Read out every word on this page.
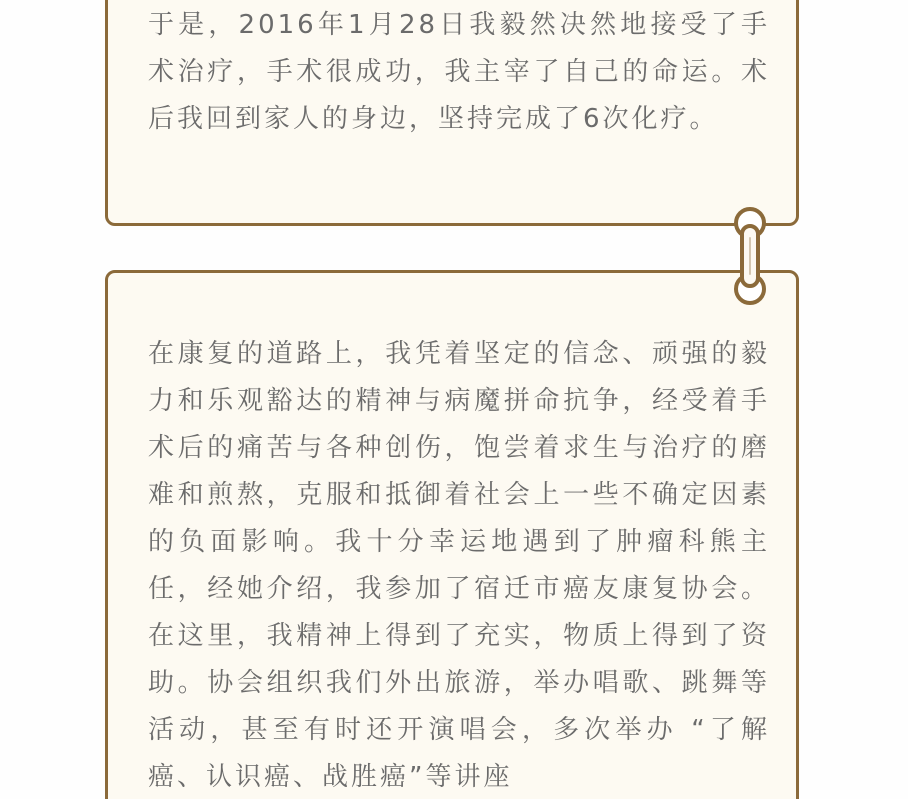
于是，2016年1月28日我毅然决然地接受了手术治疗，手术很成功，我主宰了自己的命运。术后我回到家人的身边，坚持完成了6次化疗。

在康复的道路上，我凭着坚定的信念、顽强的毅力和乐观豁达的精神与病魔拼命抗争，经受着手术后的痛苦与各种创伤，饱尝着求生与治疗的磨难和煎熬，克服和抵御着社会上一些不确定因素的负面影响。我十分幸运地遇到了肿瘤科熊主任，经她介绍，我参加了宿迁市癌友康复协会。在这里，我精神上得到了充实，物质上得到了资助。协会组织我们外出旅游，举办唱歌、跳舞等活动，甚至有时还开演唱会，多次举办 “了解癌、认识癌、战胜癌”等讲座
